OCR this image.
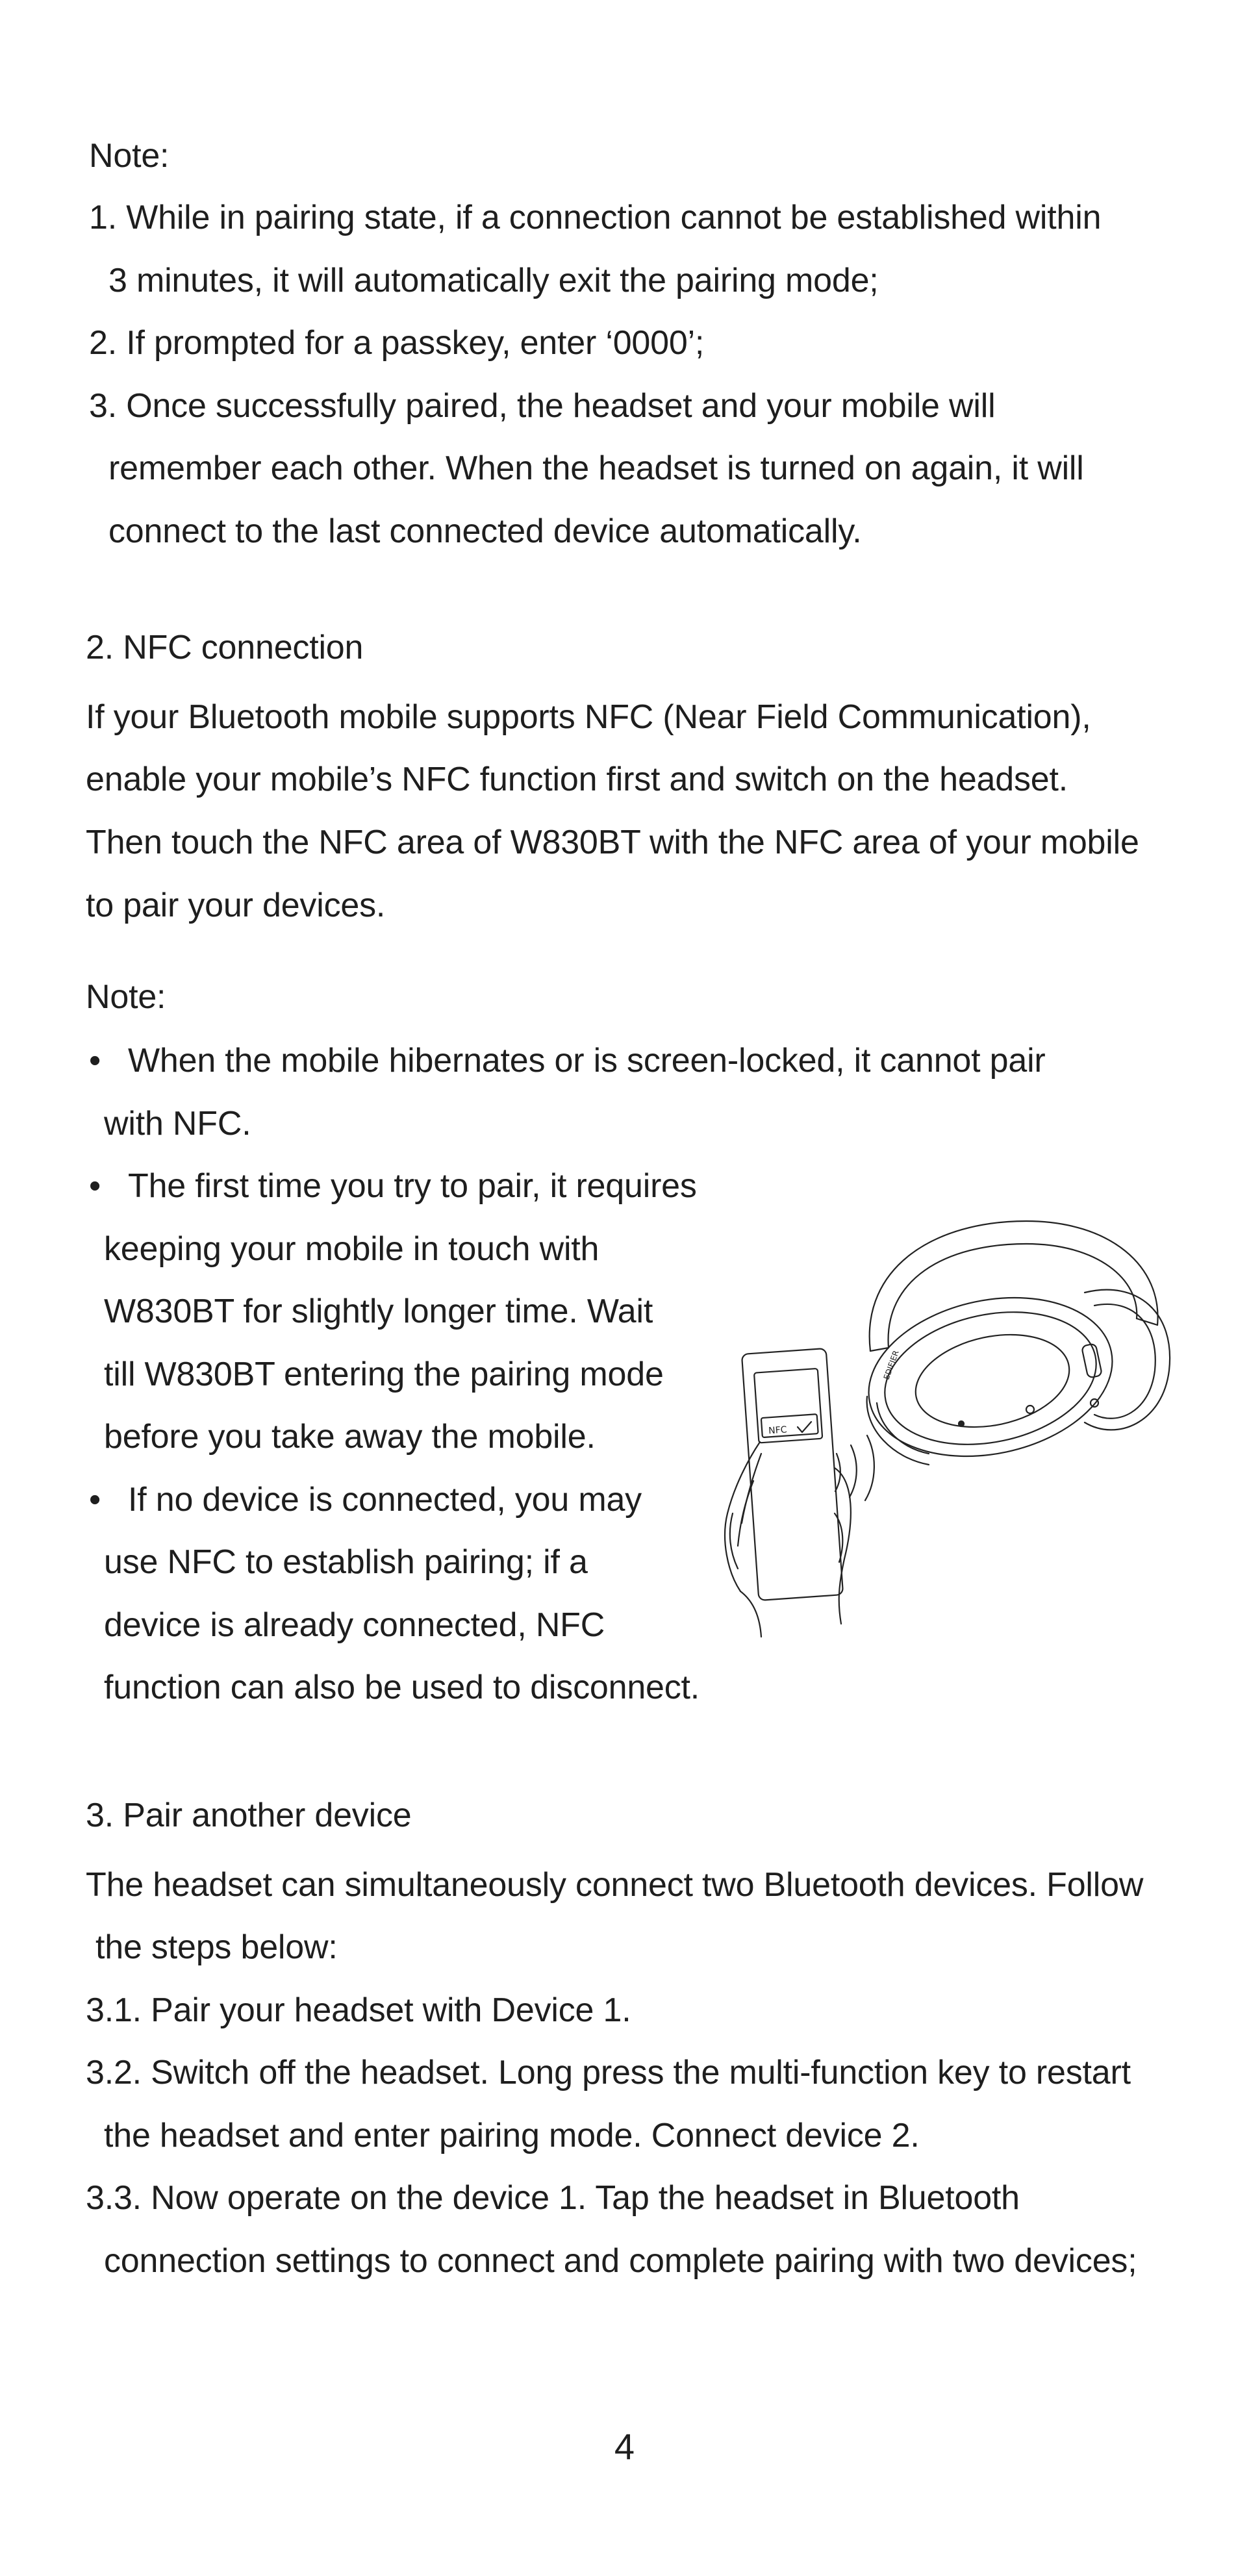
Note:
1. While in pairing state, if a connection cannot be established within
3 minutes, it will automatically exit the pairing mode;
2. If prompted for a passkey, enter ‘0000’;
3. Once successfully paired, the headset and your mobile will
remember each other. When the headset is turned on again, it will
connect to the last connected device automatically.
2. NFC connection
If your Bluetooth mobile supports NFC (Near Field Communication),
enable your mobile’s NFC function first and switch on the headset.
Then touch the NFC area of W830BT with the NFC area of your mobile
to pair your devices.
Note:
• When the mobile hibernates or is screen-locked, it cannot pair
with NFC.
• The first time you try to pair, it requires
keeping your mobile in touch with
W830BT for slightly longer time. Wait
till W830BT entering the pairing mode
before you take away the mobile.
• If no device is connected, you may
use NFC to establish pairing; if a
device is already connected, NFC
function can also be used to disconnect.
EDIFIER
NFC
3. Pair another device
The headset can simultaneously connect two Bluetooth devices. Follow
the steps below:
3.1. Pair your headset with Device 1.
3.2. Switch off the headset. Long press the multi-function key to restart
the headset and enter pairing mode. Connect device 2.
3.3. Now operate on the device 1. Tap the headset in Bluetooth
connection settings to connect and complete pairing with two devices;
4
